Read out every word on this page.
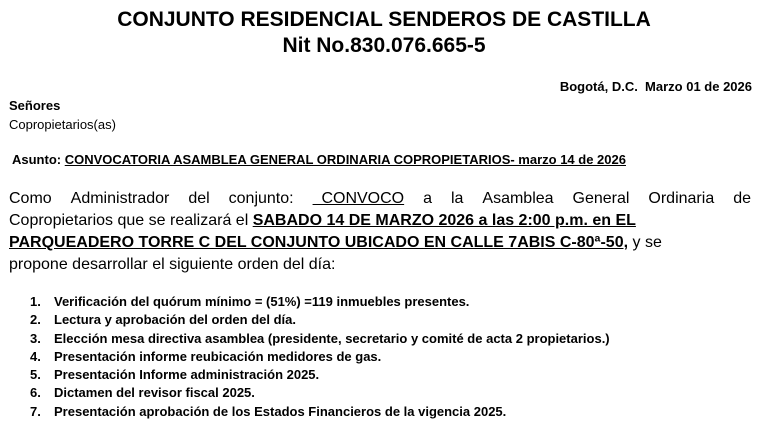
CONJUNTO RESIDENCIAL SENDEROS DE CASTILLA
Nit No.830.076.665-5
Bogotá, D.C.  Marzo 01 de 2026
Señores
Copropietarios(as)
Asunto: CONVOCATORIA ASAMBLEA GENERAL ORDINARIA COPROPIETARIOS- marzo 14 de 2026
Como Administrador del conjunto: CONVOCO a la Asamblea General Ordinaria de
Copropietarios que se realizará el SABADO 14 DE MARZO 2026 a las 2:00 p.m. en EL
PARQUEADERO TORRE C DEL CONJUNTO UBICADO EN CALLE 7ABIS C-80ª-50, y se
propone desarrollar el siguiente orden del día:
1.	Verificación del quórum mínimo = (51%) =119 inmuebles presentes.
2.	Lectura y aprobación del orden del día.
3.	Elección mesa directiva asamblea (presidente, secretario y comité de acta 2 propietarios.)
4.	Presentación informe reubicación medidores de gas.
5.	Presentación Informe administración 2025.
6.	Dictamen del revisor fiscal 2025.
7.	Presentación aprobación de los Estados Financieros de la vigencia 2025.
